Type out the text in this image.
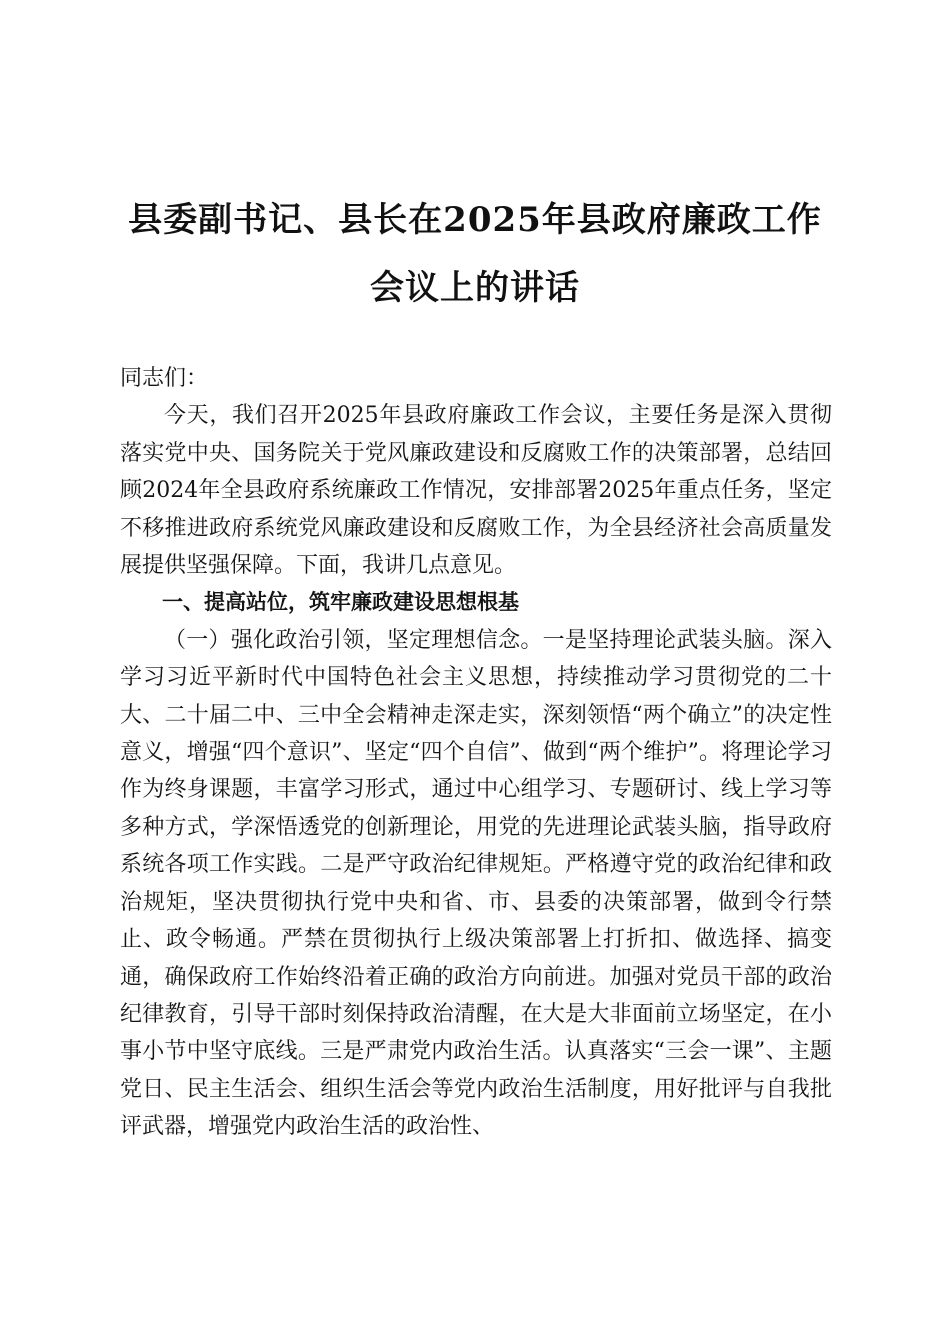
县委副书记、县长在2025年县政府廉政工作
会议上的讲话

同志们：

今天，我们召开2025年县政府廉政工作会议，主要任务是深入贯彻落实党中央、国务院关于党风廉政建设和反腐败工作的决策部署，总结回顾2024年全县政府系统廉政工作情况，安排部署2025年重点任务，坚定不移推进政府系统党风廉政建设和反腐败工作，为全县经济社会高质量发展提供坚强保障。下面，我讲几点意见。

一、提高站位，筑牢廉政建设思想根基

（一）强化政治引领，坚定理想信念。一是坚持理论武装头脑。深入学习习近平新时代中国特色社会主义思想，持续推动学习贯彻党的二十大、二十届二中、三中全会精神走深走实，深刻领悟“两个确立”的决定性意义，增强“四个意识”、坚定“四个自信”、做到“两个维护”。将理论学习作为终身课题，丰富学习形式，通过中心组学习、专题研讨、线上学习等多种方式，学深悟透党的创新理论，用党的先进理论武装头脑，指导政府系统各项工作实践。二是严守政治纪律规矩。严格遵守党的政治纪律和政治规矩，坚决贯彻执行党中央和省、市、县委的决策部署，做到令行禁止、政令畅通。严禁在贯彻执行上级决策部署上打折扣、做选择、搞变通，确保政府工作始终沿着正确的政治方向前进。加强对党员干部的政治纪律教育，引导干部时刻保持政治清醒，在大是大非面前立场坚定，在小事小节中坚守底线。三是严肃党内政治生活。认真落实“三会一课”、主题党日、民主生活会、组织生活会等党内政治生活制度，用好批评与自我批评武器，增强党内政治生活的政治性、
